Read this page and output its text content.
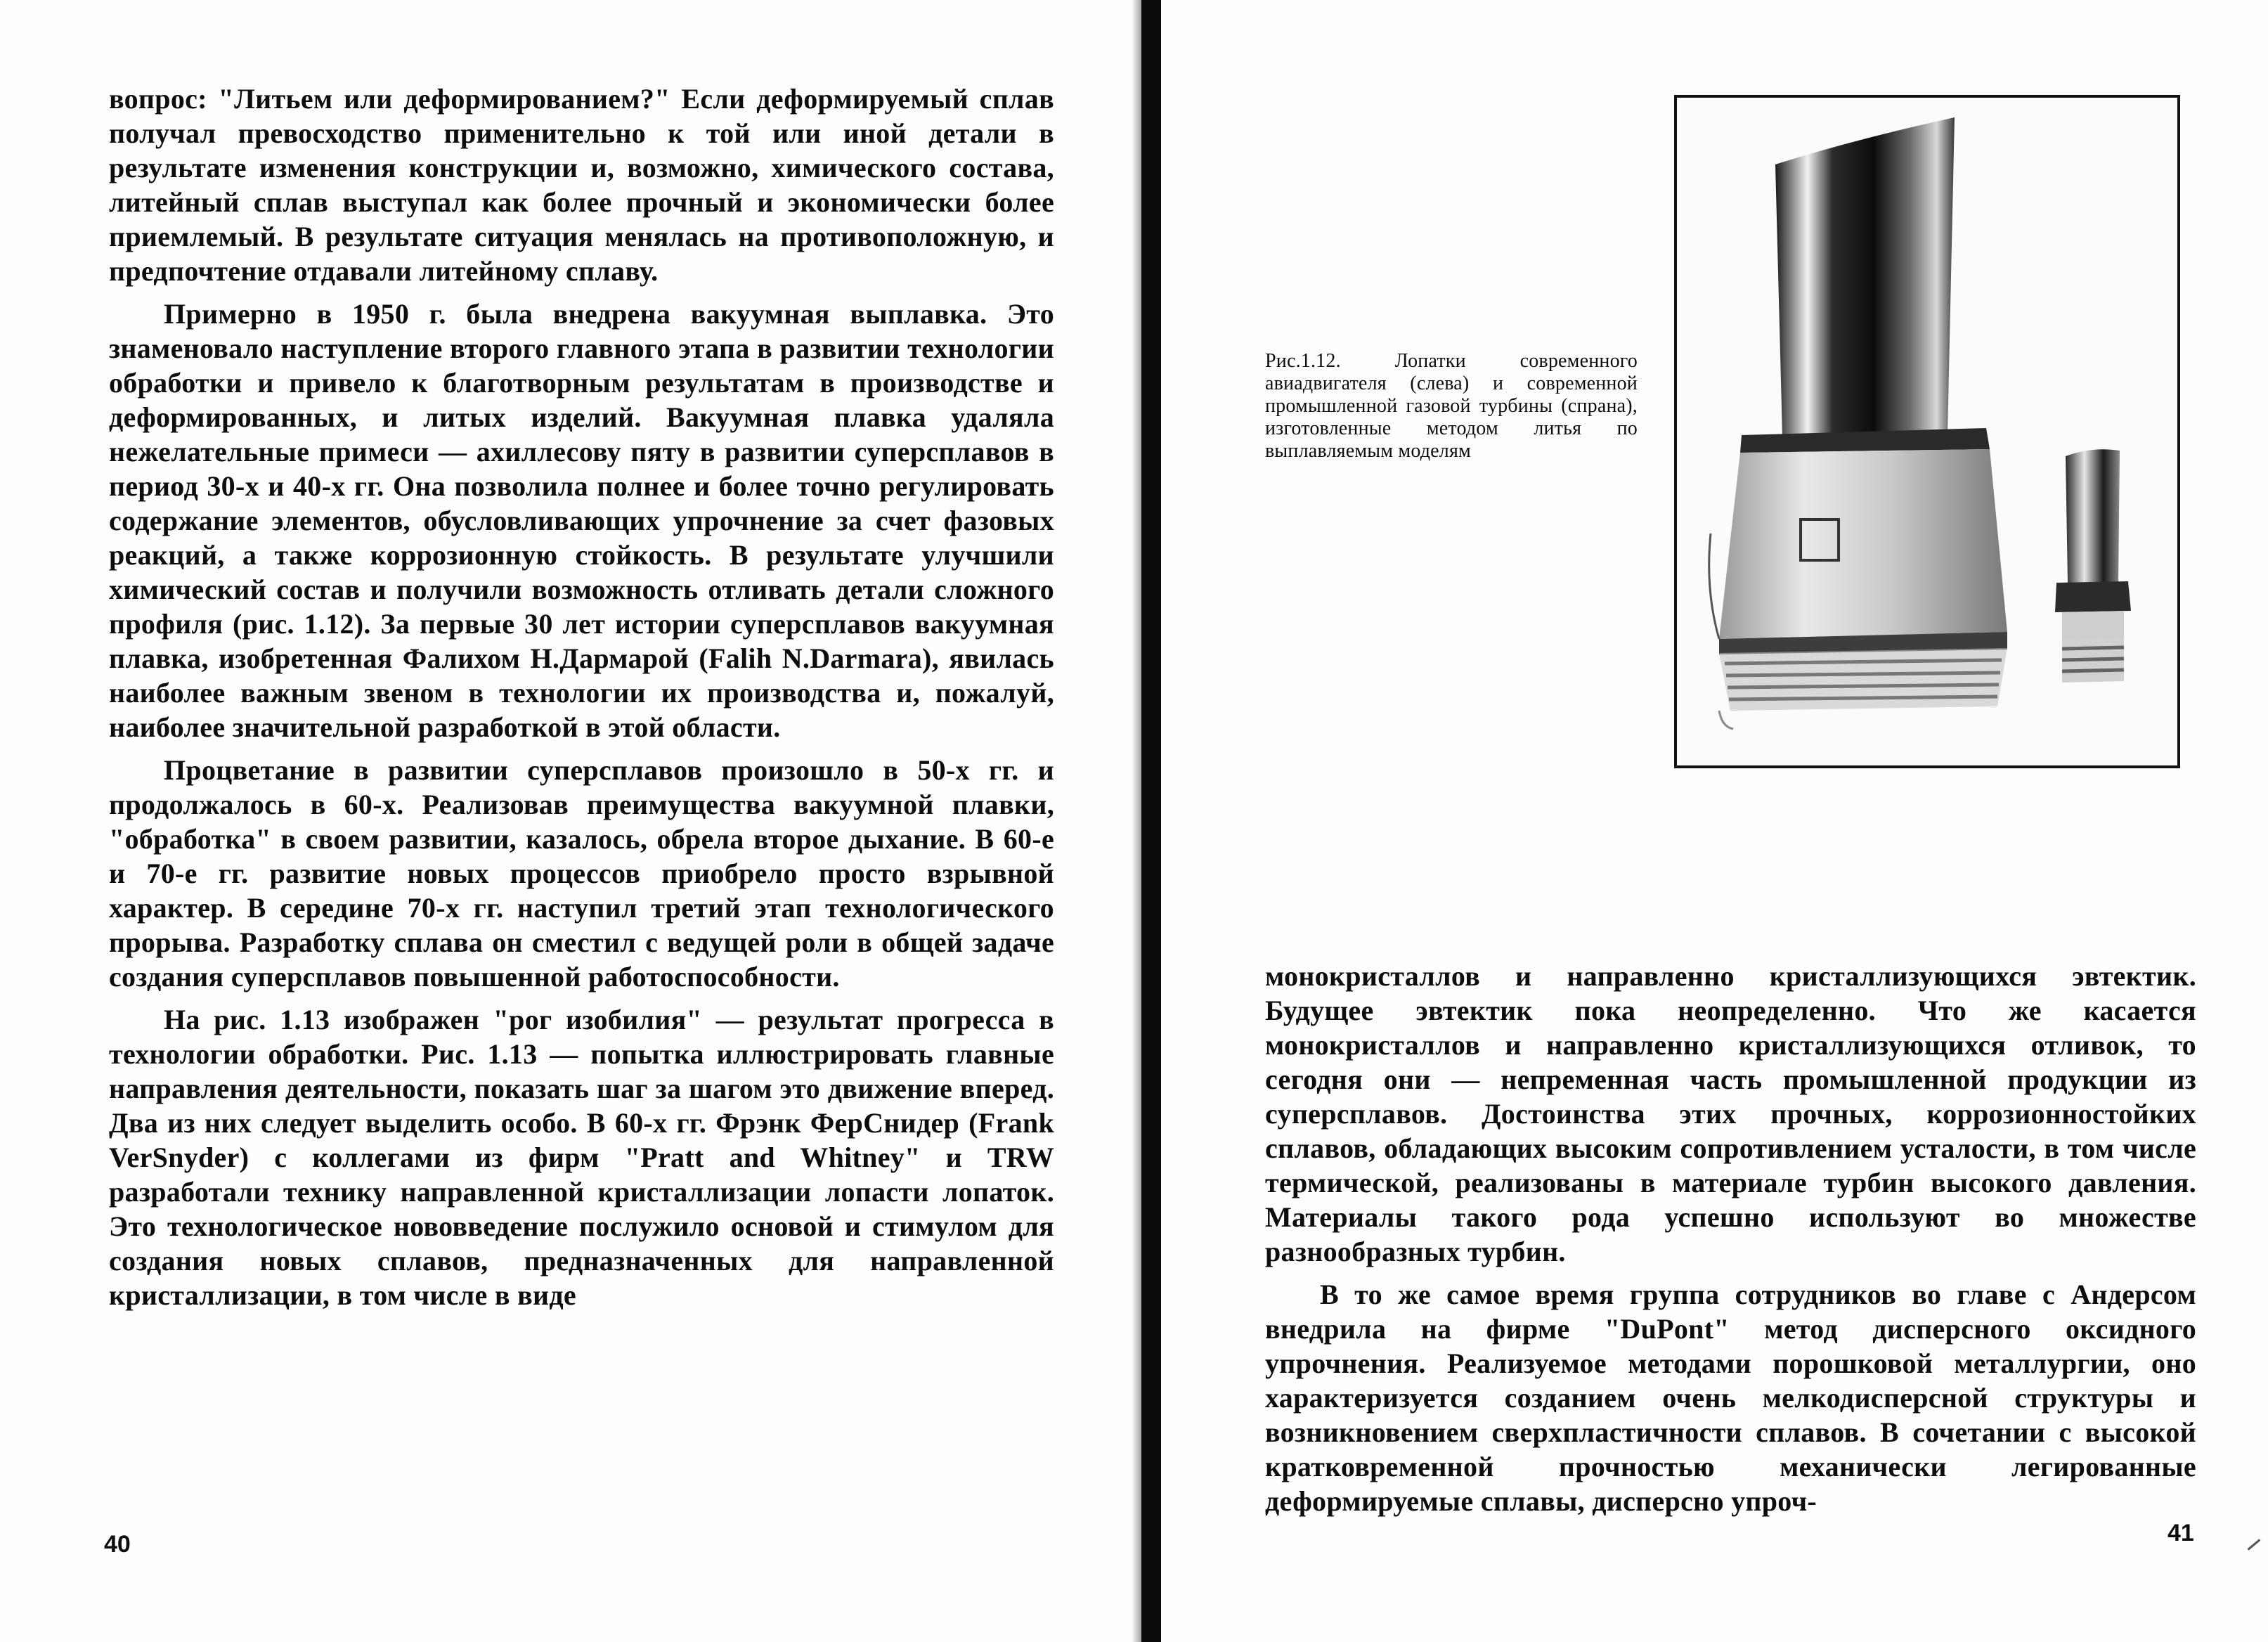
вопрос: "Литьем или деформированием?" Если деформируемый сплав получал превосходство применительно к той или иной детали в результате изменения конструкции и, возможно, химического состава, литейный сплав выступал как более прочный и экономически более приемлемый. В результате ситуация менялась на противоположную, и предпочтение отдавали литейному сплаву.

Примерно в 1950 г. была внедрена вакуумная выплавка. Это знаменовало наступление второго главного этапа в развитии технологии обработки и привело к благотворным результатам в производстве и деформированных, и литых изделий. Вакуумная плавка удаляла нежелательные примеси — ахиллесову пяту в развитии суперсплавов в период 30-х и 40-х гг. Она позволила полнее и более точно регулировать содержание элементов, обусловливающих упрочнение за счет фазовых реакций, а также коррозионную стойкость. В результате улучшили химический состав и получили возможность отливать детали сложного профиля (рис. 1.12). За первые 30 лет истории суперсплавов вакуумная плавка, изобретенная Фалихом Н.Дармарой (Falih N.Darmara), явилась наиболее важным звеном в технологии их производства и, пожалуй, наиболее значительной разработкой в этой области.

Процветание в развитии суперсплавов произошло в 50-х гг. и продолжалось в 60-х. Реализовав преимущества вакуумной плавки, "обработка" в своем развитии, казалось, обрела второе дыхание. В 60-е и 70-е гг. развитие новых процессов приобрело просто взрывной характер. В середине 70-х гг. наступил третий этап технологического прорыва. Разработку сплава он сместил с ведущей роли в общей задаче создания суперсплавов повышенной работоспособности.

На рис. 1.13 изображен "рог изобилия" — результат прогресса в технологии обработки. Рис. 1.13 — попытка иллюстрировать главные направления деятельности, показать шаг за шагом это движение вперед. Два из них следует выделить особо. В 60-х гг. Фрэнк ФерСнидер (Frank VerSnyder) с коллегами из фирм "Pratt and Whitney" и TRW разработали технику направленной кристаллизации лопасти лопаток. Это технологическое нововведение послужило основой и стимулом для создания новых сплавов, предназначенных для направленной кристаллизации, в том числе в виде

40
Рис.1.12. Лопатки современного авиадвигателя (слева) и современной промышленной газовой турбины (спрана), изготовленные методом литья по выплавляемым моделям

монокристаллов и направленно кристаллизующихся эвтектик. Будущее эвтектик пока неопределенно. Что же касается монокристаллов и направленно кристаллизующихся отливок, то сегодня они — непременная часть промышленной продукции из суперсплавов. Достоинства этих прочных, коррозионностойких сплавов, обладающих высоким сопротивлением усталости, в том числе термической, реализованы в материале турбин высокого давления. Материалы такого рода успешно используют во множестве разнообразных турбин.

В то же самое время группа сотрудников во главе с Андерсом внедрила на фирме "DuPont" метод дисперсного оксидного упрочнения. Реализуемое методами порошковой металлургии, оно характеризуется созданием очень мелкодисперсной структуры и возникновением сверхпластичности сплавов. В сочетании с высокой кратковременной прочностью механически легированные деформируемые сплавы, дисперсно упроч-

41
